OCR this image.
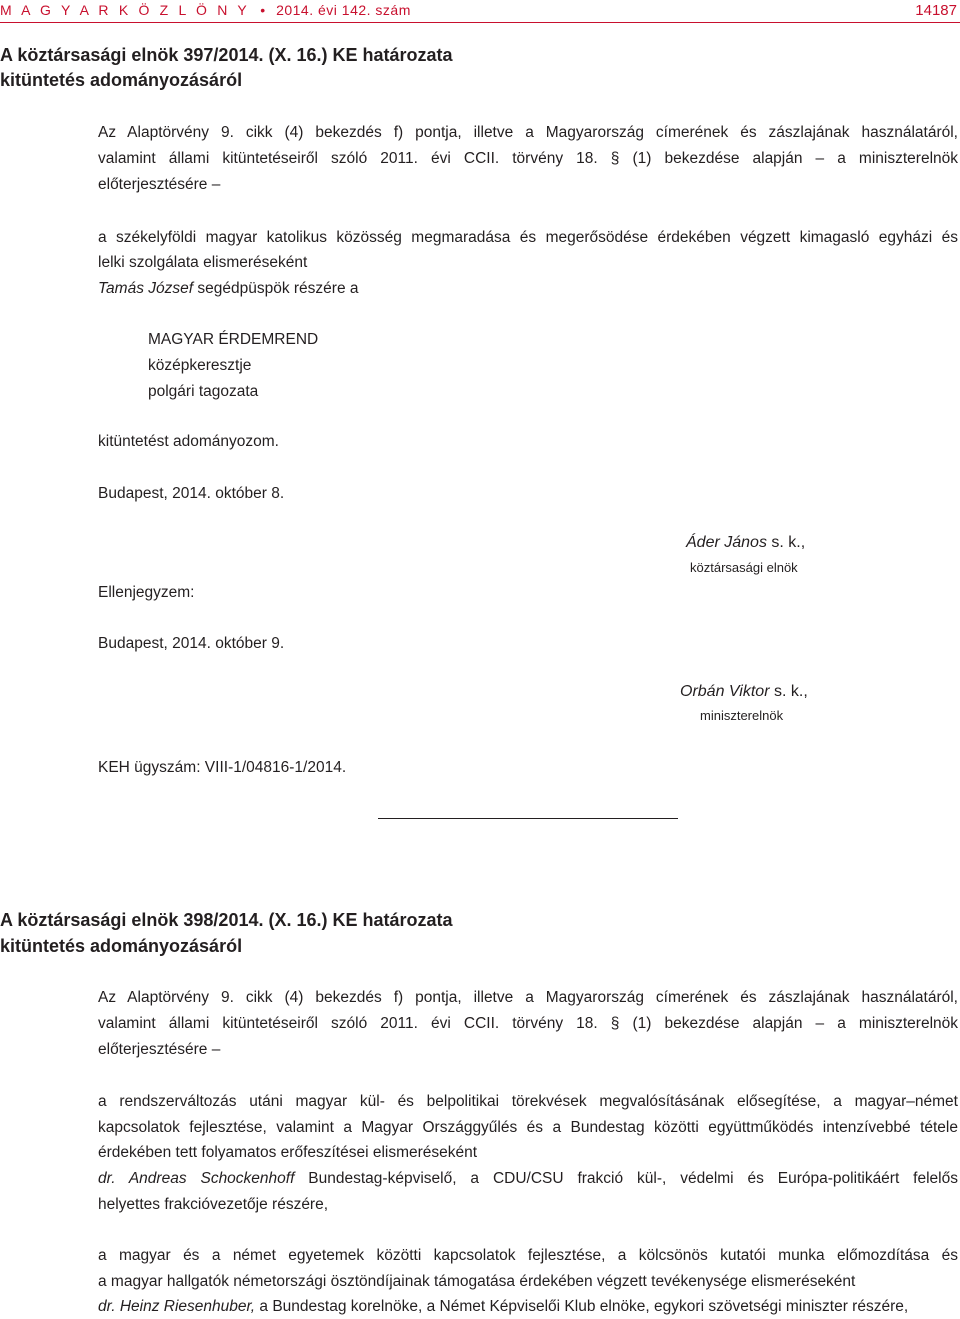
M A G Y A R K Ö Z L Ö N Y • 2014. évi 142. szám	14187
A köztársasági elnök 397/2014. (X. 16.) KE határozata
kitüntetés adományozásáról
Az Alaptörvény 9. cikk (4) bekezdés f) pontja, illetve a Magyarország címerének és zászlajának használatáról,
valamint állami kitüntetéseiről szóló 2011. évi CCII. törvény 18. § (1) bekezdése alapján – a miniszterelnök
előterjesztésére –
a székelyföldi magyar katolikus közösség megmaradása és megerősödése érdekében végzett kimagasló egyházi és
lelki szolgálata elismeréseként
Tamás József segédpüspök részére a
MAGYAR ÉRDEMREND
középkeresztje
polgári tagozata
kitüntetést adományozom.
Budapest, 2014. október 8.
Áder János s. k.,
köztársasági elnök
Ellenjegyzem:
Budapest, 2014. október 9.
Orbán Viktor s. k.,
miniszterelnök
KEH ügyszám: VIII-1/04816-1/2014.
A köztársasági elnök 398/2014. (X. 16.) KE határozata
kitüntetés adományozásáról
Az Alaptörvény 9. cikk (4) bekezdés f) pontja, illetve a Magyarország címerének és zászlajának használatáról,
valamint állami kitüntetéseiről szóló 2011. évi CCII. törvény 18. § (1) bekezdése alapján – a miniszterelnök
előterjesztésére –
a rendszerváltozás utáni magyar kül- és belpolitikai törekvések megvalósításának elősegítése, a magyar–német
kapcsolatok fejlesztése, valamint a Magyar Országgyűlés és a Bundestag közötti együttműködés intenzívebbé tétele
érdekében tett folyamatos erőfeszítései elismeréseként
dr. Andreas Schockenhoff Bundestag-képviselő, a CDU/CSU frakció kül-, védelmi és Európa-politikáért felelős
helyettes frakcióvezetője részére,
a magyar és a német egyetemek közötti kapcsolatok fejlesztése, a kölcsönös kutatói munka előmozdítása és
a magyar hallgatók németországi ösztöndíjainak támogatása érdekében végzett tevékenysége elismeréseként
dr. Heinz Riesenhuber, a Bundestag korelnöke, a Német Képviselői Klub elnöke, egykori szövetségi miniszter részére,
